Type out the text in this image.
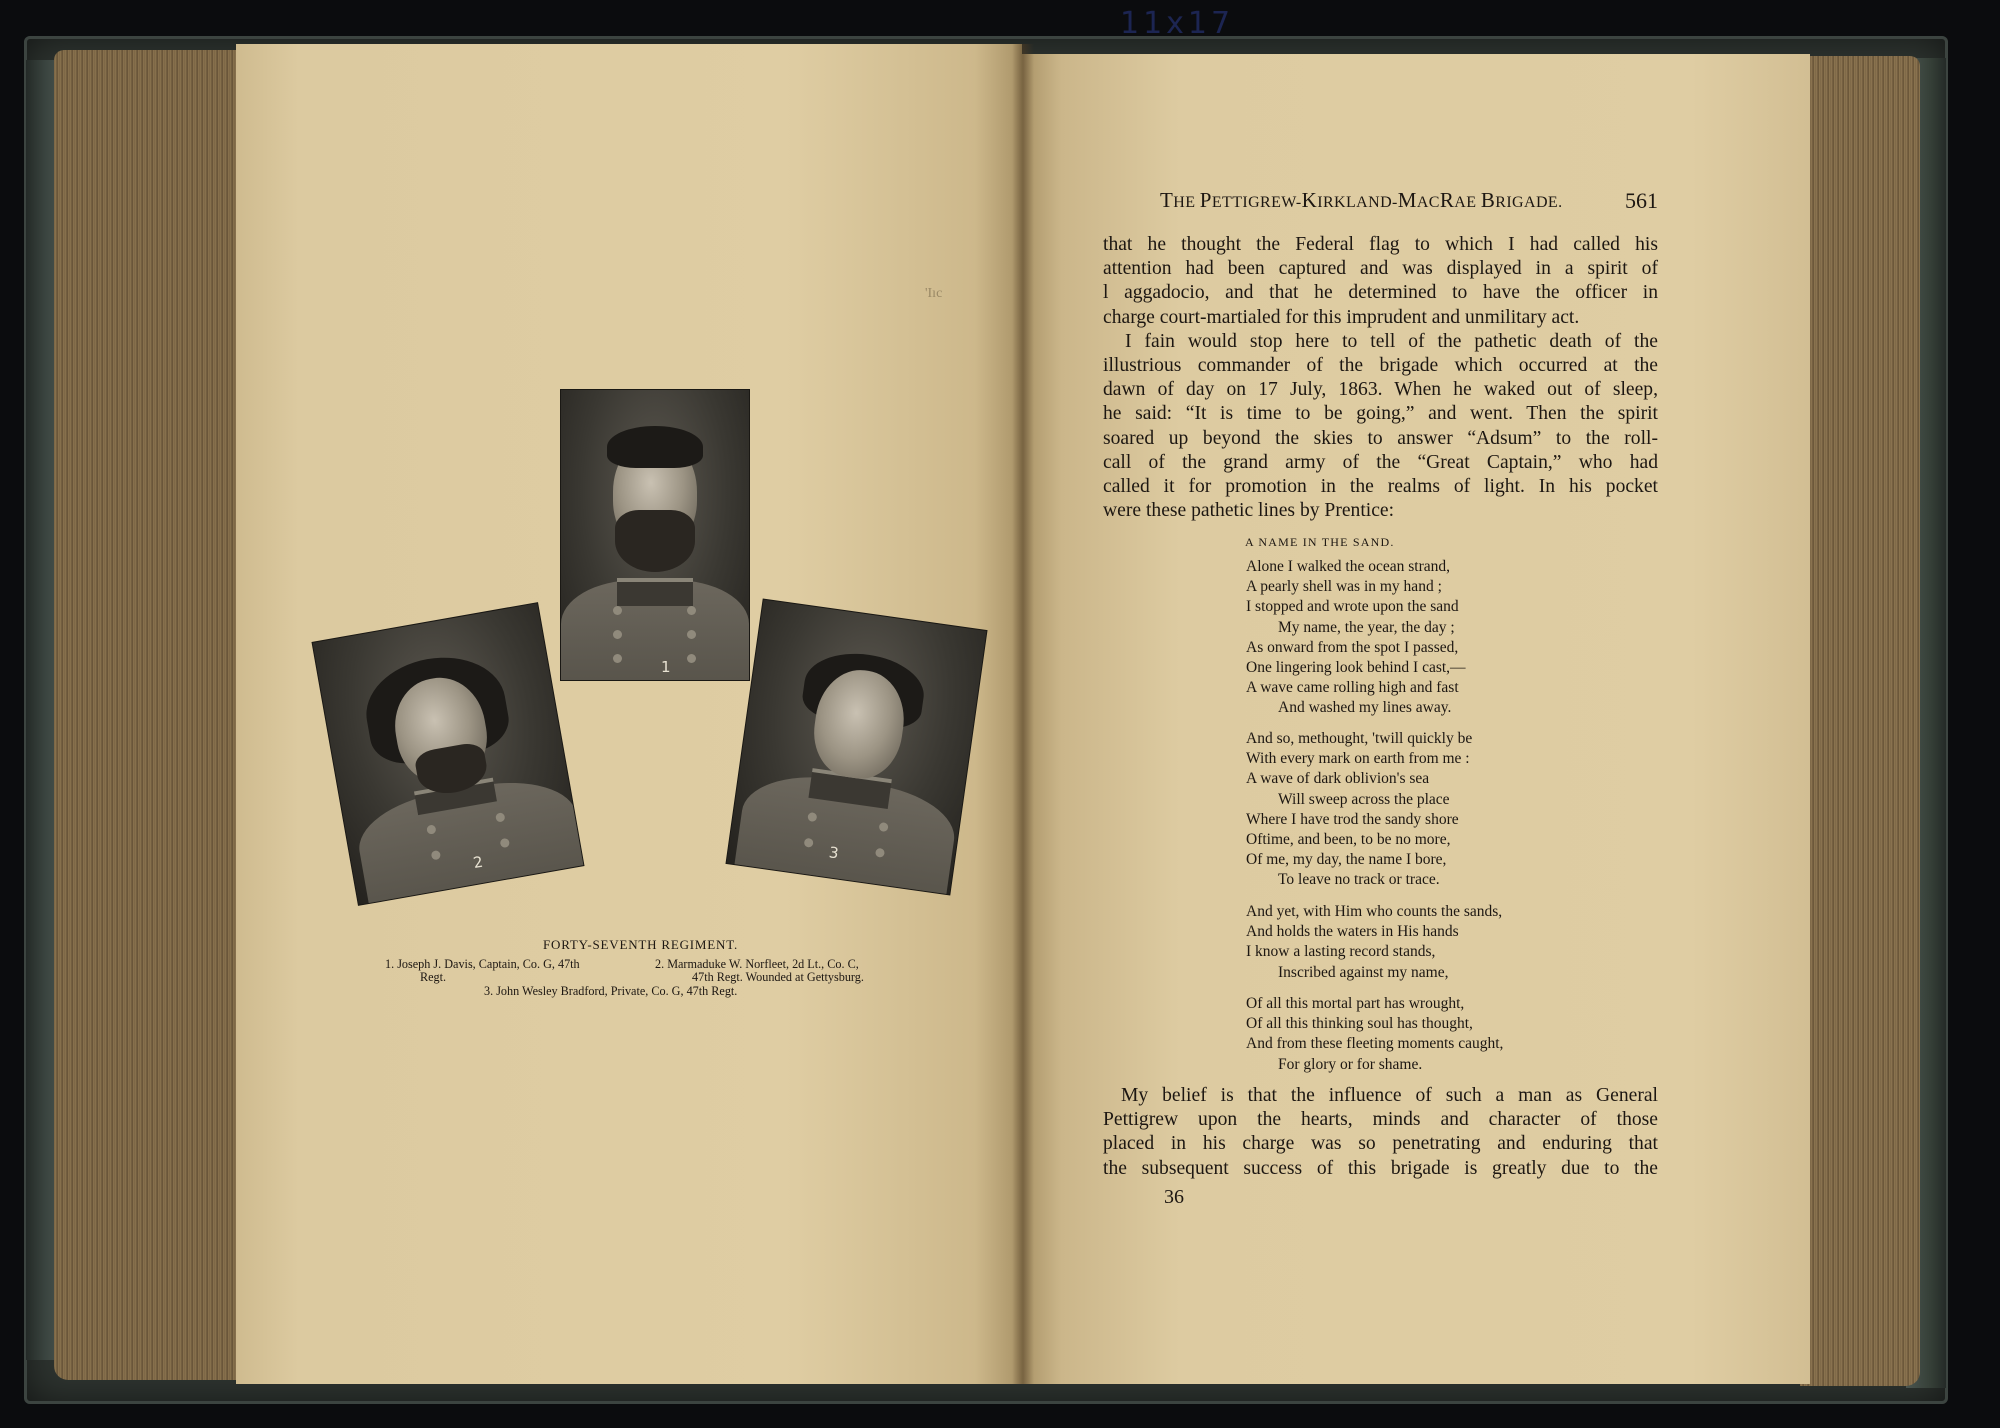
11x17
'Iıc
1
2	3
FORTY-SEVENTH REGIMENT.
1. Joseph J. Davis, Captain, Co. G, 47th
Regt.
2. Marmaduke W. Norfleet, 2d Lt., Co. C,
47th Regt. Wounded at Gettysburg.
3. John Wesley Bradford, Private, Co. G, 47th Regt.
THE PETTIGREW-KIRKLAND-MACRAE BRIGADE.	561
that he thought the Federal flag to which I had called his
attention had been captured and was displayed in a spirit of
l aggadocio, and that he determined to have the officer in
charge court-martialed for this imprudent and unmilitary act.
I fain would stop here to tell of the pathetic death of the
illustrious commander of the brigade which occurred at the
dawn of day on 17 July, 1863. When he waked out of sleep,
he said: “It is time to be going,” and went. Then the spirit
soared up beyond the skies to answer “Adsum” to the roll-
call of the grand army of the “Great Captain,” who had
called it for promotion in the realms of light. In his pocket
were these pathetic lines by Prentice:
A NAME IN THE SAND.
Alone I walked the ocean strand,
A pearly shell was in my hand ;
I stopped and wrote upon the sand
My name, the year, the day ;
As onward from the spot I passed,
One lingering look behind I cast,—
A wave came rolling high and fast
And washed my lines away.
And so, methought, 'twill quickly be
With every mark on earth from me :
A wave of dark oblivion's sea
Will sweep across the place
Where I have trod the sandy shore
Oftime, and been, to be no more,
Of me, my day, the name I bore,
To leave no track or trace.
And yet, with Him who counts the sands,
And holds the waters in His hands
I know a lasting record stands,
Inscribed against my name,
Of all this mortal part has wrought,
Of all this thinking soul has thought,
And from these fleeting moments caught,
For glory or for shame.
My belief is that the influence of such a man as General
Pettigrew upon the hearts, minds and character of those
placed in his charge was so penetrating and enduring that
the subsequent success of this brigade is greatly due to the
36
